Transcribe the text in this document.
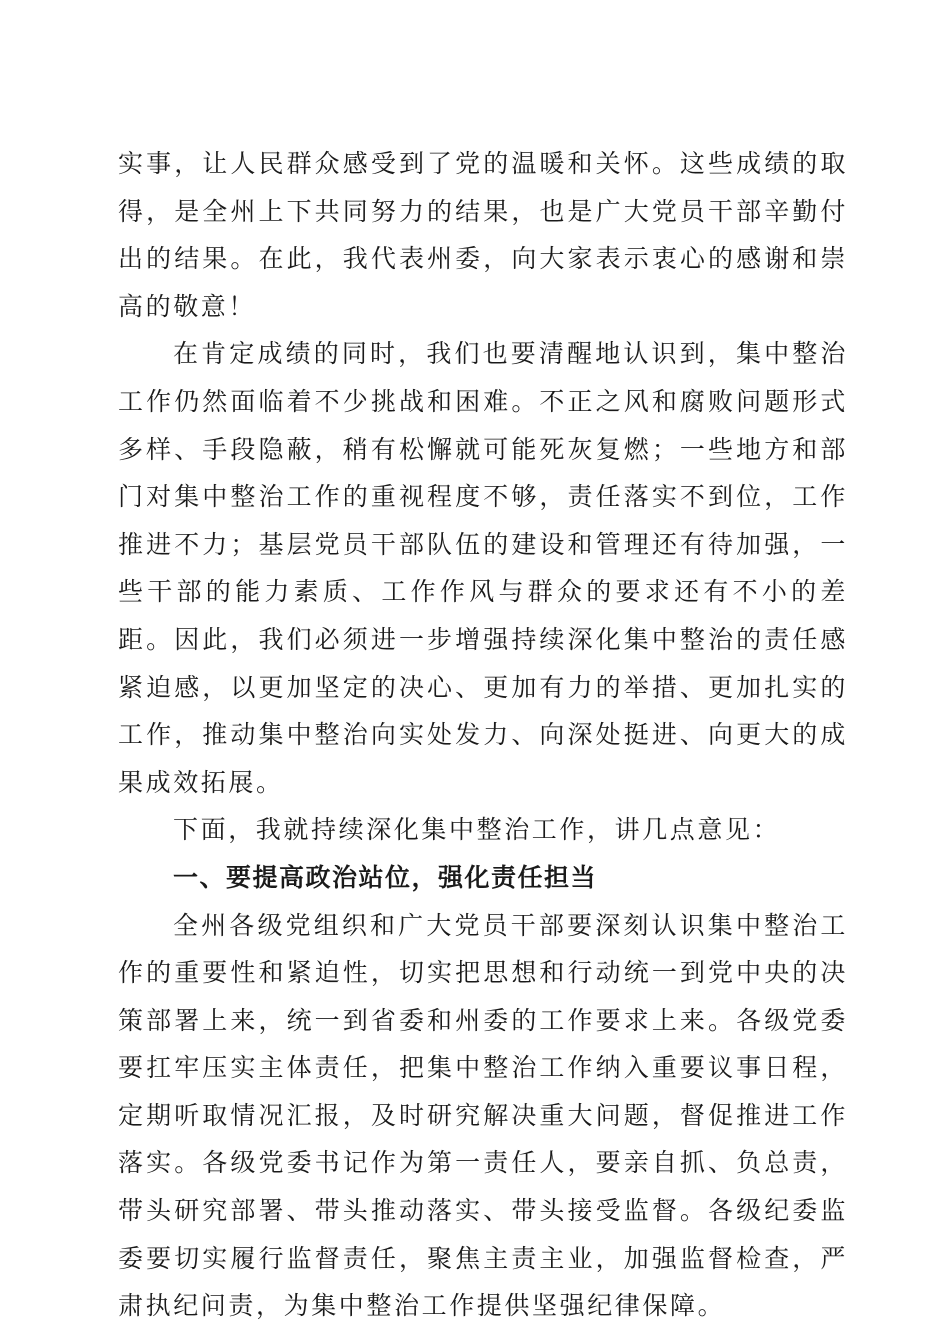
实事，让人民群众感受到了党的温暖和关怀。这些成绩的取得，是全州上下共同努力的结果，也是广大党员干部辛勤付出的结果。在此，我代表州委，向大家表示衷心的感谢和崇高的敬意！

在肯定成绩的同时，我们也要清醒地认识到，集中整治工作仍然面临着不少挑战和困难。不正之风和腐败问题形式多样、手段隐蔽，稍有松懈就可能死灰复燃；一些地方和部门对集中整治工作的重视程度不够，责任落实不到位，工作推进不力；基层党员干部队伍的建设和管理还有待加强，一些干部的能力素质、工作作风与群众的要求还有不小的差距。因此，我们必须进一步增强持续深化集中整治的责任感紧迫感，以更加坚定的决心、更加有力的举措、更加扎实的工作，推动集中整治向实处发力、向深处挺进、向更大的成果成效拓展。

下面，我就持续深化集中整治工作，讲几点意见：

一、要提高政治站位，强化责任担当

全州各级党组织和广大党员干部要深刻认识集中整治工作的重要性和紧迫性，切实把思想和行动统一到党中央的决策部署上来，统一到省委和州委的工作要求上来。各级党委要扛牢压实主体责任，把集中整治工作纳入重要议事日程，定期听取情况汇报，及时研究解决重大问题，督促推进工作落实。各级党委书记作为第一责任人，要亲自抓、负总责，带头研究部署、带头推动落实、带头接受监督。各级纪委监委要切实履行监督责任，聚焦主责主业，加强监督检查，严肃执纪问责，为集中整治工作提供坚强纪律保障。
